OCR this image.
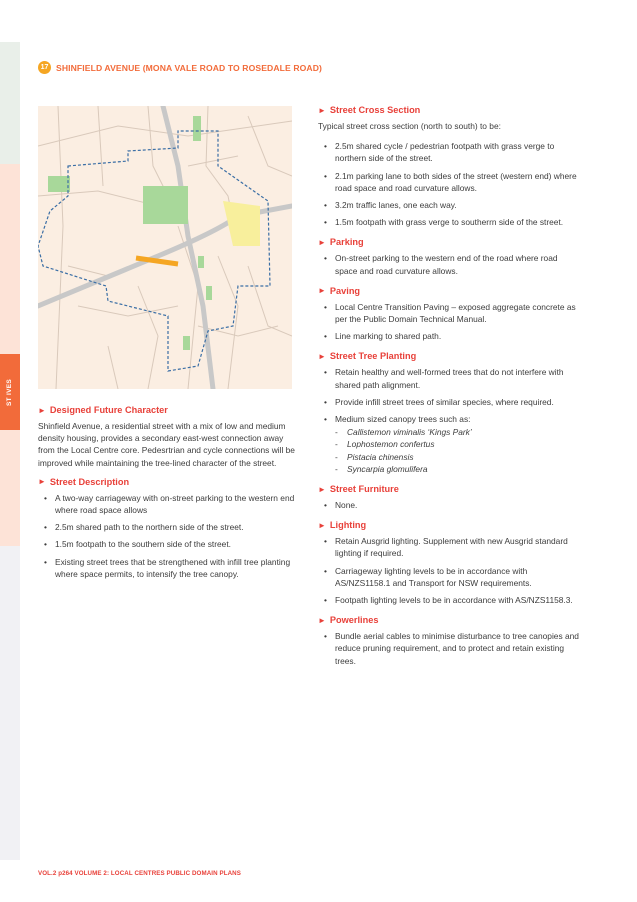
ST IVES
17 SHINFIELD AVENUE (MONA VALE ROAD TO ROSEDALE ROAD)
► Designed Future Character

Shinfield Avenue, a residential street with a mix of low and medium density housing, provides a secondary east-west connection away from the Local Centre core. Pedesrtrian and cycle connections will be improved while maintaining the tree-lined character of the street.

► Street Description
• A two-way carriageway with on-street parking to the western end where road space allows
• 2.5m shared path to the northern side of the street.
• 1.5m footpath to the southern side of the street.
• Existing street trees that be strengthened with infill tree planting where space permits, to intensify the tree canopy.
► Street Cross Section

Typical street cross section (north to south) to be:

• 2.5m shared cycle / pedestrian footpath with grass verge to northern side of the street.
• 2.1m parking lane to both sides of the street (western end) where road space and road curvature allows.
• 3.2m traffic lanes, one each way.
• 1.5m footpath with grass verge to southerrn side of the street.
► Parking
• On-street parking to the western end of the road where road space and road curvature allows.
► Paving
• Local Centre Transition Paving – exposed aggregate concrete as per the Public Domain Technical Manual.
• Line marking to shared path.
► Street Tree Planting
• Retain healthy and well-formed trees that do not interfere with shared path alignment.
• Provide infill street trees of similar species, where required.
• Medium sized canopy trees such as:
- Callistemon viminalis ‘Kings Park’
- Lophostemon confertus
- Pistacia chinensis
- Syncarpia glomulifera
► Street Furniture
• None.
► Lighting
• Retain Ausgrid lighting. Supplement with new Ausgrid standard lighting if required.
• Carriageway lighting levels to be in accordance with AS/NZS1158.1 and Transport for NSW requirements.
• Footpath lighting levels to be in accordance with AS/NZS1158.3.
► Powerlines
• Bundle aerial cables to minimise disturbance to tree canopies and reduce pruning requirement, and to protect and retain existing trees.
VOL.2 p264 VOLUME 2: LOCAL CENTRES PUBLIC DOMAIN PLANS
